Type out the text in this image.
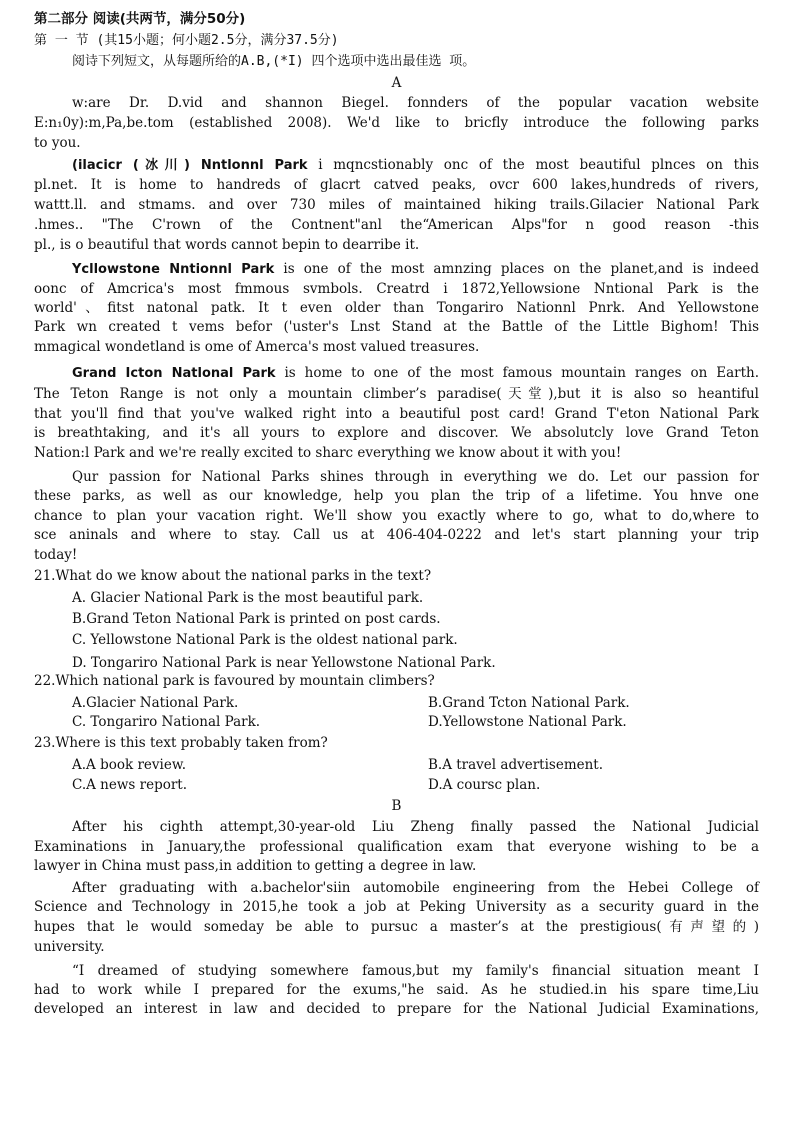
第二部分 阅读(共两节，满分50分)
第 一 节 (其15小题；何小题2.5分，满分37.5分)
阅诗下列短文，从每题所给的A.B,(*I) 四个选项中选出最佳选 项。
A
w:are Dr. D.vid and shannon Biegel. fonnders of the popular vacation website
E:n₁0y):m,Pa,be.tom (established 2008). We'd like to bricfly introduce the following parks
to you.
(ilacicr (冰川) Nntlonnl Park i mqncstionably onc of the most beautiful plnces on this
pl.net. It is home to handreds of glacrt catved peaks, ovcr 600 lakes,hundreds of rivers,
wattt.ll. and stmams. and over 730 miles of maintained hiking trails.Gilacier National Park
.hmes.. "The C'rown of the Contnent"anl the“American Alps"for n good reason -this
pl., is o beautiful that words cannot bepin to dearribe it.
Ycllowstone Nntionnl Park is one of the most amnzing places on the planet,and is indeed
oonc of Amcrica's most fmmous svmbols. Creatrd i 1872,Yellowsione Nntional Park is the
world'、fitst natonal patk. It t even older than Tongariro Nationnl Pnrk. And Yellowstone
Park wn created t vems befor ('uster's Lnst Stand at the Battle of the Little Bighom! This
mmagical wondetland is ome of Amerca's most valued treasures.
Grand Icton Natlonal Park is home to one of the most famous mountain ranges on Earth.
The Teton Range is not only a mountain climber’s paradise(天堂),but it is also so heantiful
that you'll find that you've walked right into a beautiful post card! Grand T'eton National Park
is breathtaking, and it's all yours to explore and discover. We absolutcly love Grand Teton
Nation:l Park and we're really excited to sharc everything we know about it with you!
Qur passion for National Parks shines through in everything we do. Let our passion for
these parks, as well as our knowledge, help you plan the trip of a lifetime. You hnve one
chance to plan your vacation right. We'll show you exactly where to go, what to do,where to
sce aninals and where to stay. Call us at 406-404-0222 and let's start planning your trip
today!
21.What do we know about the national parks in the text?
A. Glacier National Park is the most beautiful park.
B.Grand Teton National Park is printed on post cards.
C. Yellowstone National Park is the oldest national park.
D. Tongariro National Park is near Yellowstone National Park.
22.Which national park is favoured by mountain climbers?
A.Glacier National Park.	B.Grand Tcton National Park.
C. Tongariro National Park.	D.Yellowstone National Park.
23.Where is this text probably taken from?
A.A book review.	B.A travel advertisement.
C.A news report.	D.A coursc plan.
B
After his cighth attempt,30-year-old Liu Zheng finally passed the National Judicial
Examinations in January,the professional qualification exam that everyone wishing to be a
lawyer in China must pass,in addition to getting a degree in law.
After graduating with a.bachelor'siin automobile engineering from the Hebei College of
Science and Technology in 2015,he took a job at Peking University as a security guard in the
hupes that le would someday be able to pursuc a master’s at the prestigious(有声望的)
university.
“I dreamed of studying somewhere famous,but my family's financial situation meant I
had to work while I prepared for the exums,"he said. As he studied.in his spare time,Liu
developed an interest in law and decided to prepare for the National Judicial Examinations,
